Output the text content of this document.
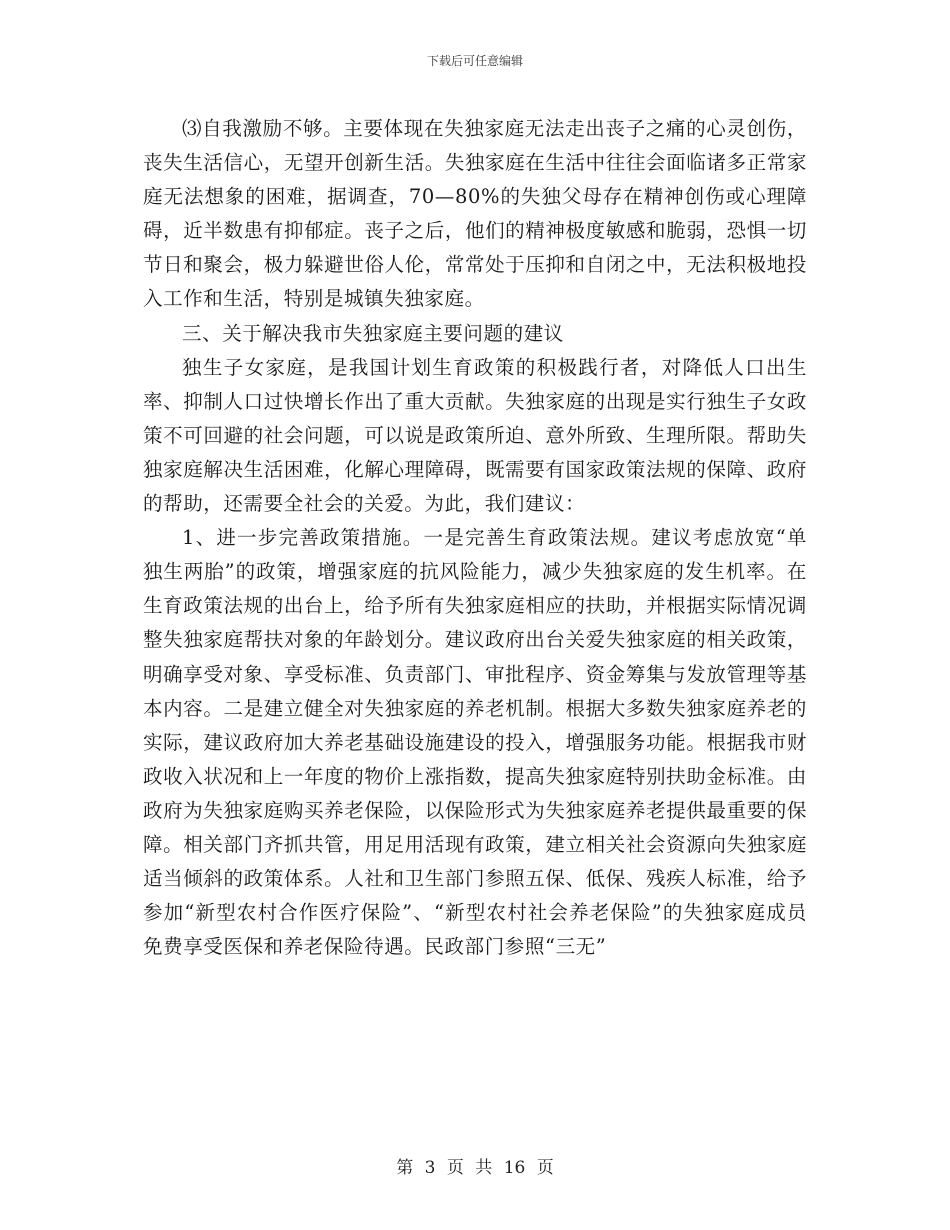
下载后可任意编辑

⑶自我激励不够。主要体现在失独家庭无法走出丧子之痛的心灵创伤，丧失生活信心，无望开创新生活。失独家庭在生活中往往会面临诸多正常家庭无法想象的困难，据调查，70—80%的失独父母存在精神创伤或心理障碍，近半数患有抑郁症。丧子之后，他们的精神极度敏感和脆弱，恐惧一切节日和聚会，极力躲避世俗人伦，常常处于压抑和自闭之中，无法积极地投入工作和生活，特别是城镇失独家庭。

三、关于解决我市失独家庭主要问题的建议

独生子女家庭，是我国计划生育政策的积极践行者，对降低人口出生率、抑制人口过快增长作出了重大贡献。失独家庭的出现是实行独生子女政策不可回避的社会问题，可以说是政策所迫、意外所致、生理所限。帮助失独家庭解决生活困难，化解心理障碍，既需要有国家政策法规的保障、政府的帮助，还需要全社会的关爱。为此，我们建议：

1、进一步完善政策措施。一是完善生育政策法规。建议考虑放宽“单独生两胎”的政策，增强家庭的抗风险能力，减少失独家庭的发生机率。在生育政策法规的出台上，给予所有失独家庭相应的扶助，并根据实际情况调整失独家庭帮扶对象的年龄划分。建议政府出台关爱失独家庭的相关政策，明确享受对象、享受标准、负责部门、审批程序、资金筹集与发放管理等基本内容。二是建立健全对失独家庭的养老机制。根据大多数失独家庭养老的实际，建议政府加大养老基础设施建设的投入，增强服务功能。根据我市财政收入状况和上一年度的物价上涨指数，提高失独家庭特别扶助金标准。由政府为失独家庭购买养老保险，以保险形式为失独家庭养老提供最重要的保障。相关部门齐抓共管，用足用活现有政策，建立相关社会资源向失独家庭适当倾斜的政策体系。人社和卫生部门参照五保、低保、残疾人标准，给予参加“新型农村合作医疗保险”、“新型农村社会养老保险”的失独家庭成员免费享受医保和养老保险待遇。民政部门参照“三无”

第 3 页 共 16 页
